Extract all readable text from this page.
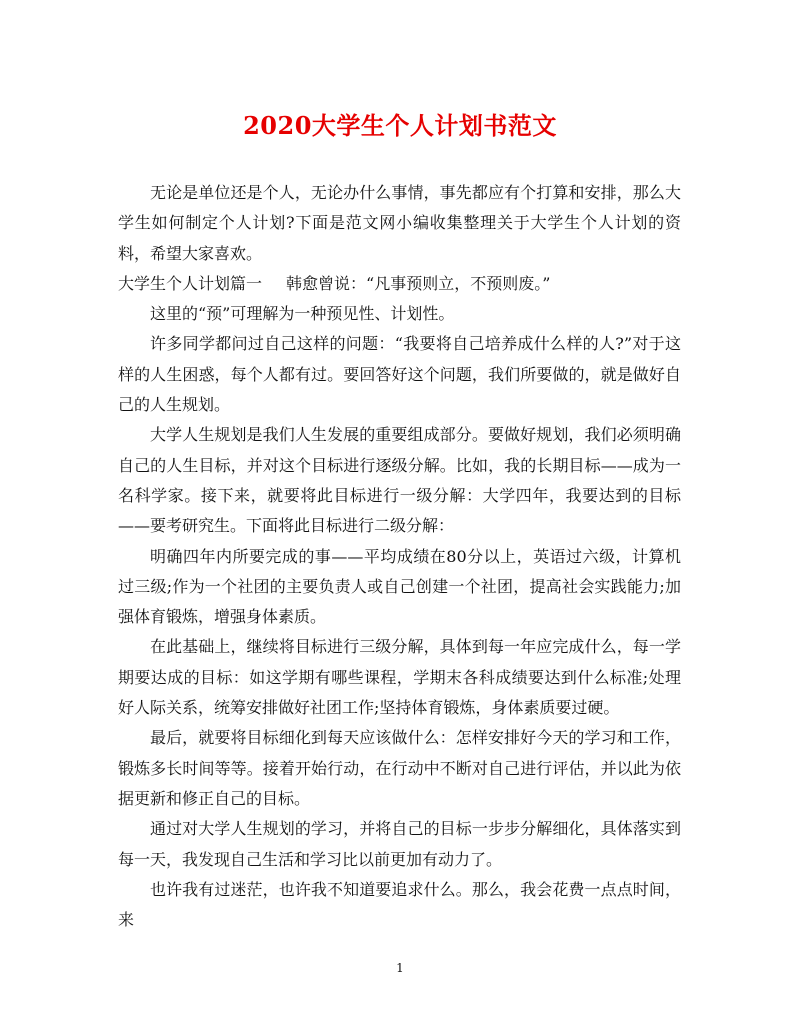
2020大学生个人计划书范文

无论是单位还是个人，无论办什么事情，事先都应有个打算和安排，那么大学生如何制定个人计划?下面是范文网小编收集整理关于大学生个人计划的资料，希望大家喜欢。

大学生个人计划篇一 韩愈曾说：“凡事预则立，不预则废。”

这里的“预”可理解为一种预见性、计划性。

许多同学都问过自己这样的问题：“我要将自己培养成什么样的人?”对于这样的人生困惑，每个人都有过。要回答好这个问题，我们所要做的，就是做好自己的人生规划。

大学人生规划是我们人生发展的重要组成部分。要做好规划，我们必须明确自己的人生目标，并对这个目标进行逐级分解。比如，我的长期目标——成为一名科学家。接下来，就要将此目标进行一级分解：大学四年，我要达到的目标——要考研究生。下面将此目标进行二级分解：

明确四年内所要完成的事——平均成绩在80分以上，英语过六级，计算机过三级;作为一个社团的主要负责人或自己创建一个社团，提高社会实践能力;加强体育锻炼，增强身体素质。

在此基础上，继续将目标进行三级分解，具体到每一年应完成什么，每一学期要达成的目标：如这学期有哪些课程，学期末各科成绩要达到什么标准;处理好人际关系，统筹安排做好社团工作;坚持体育锻炼，身体素质要过硬。

最后，就要将目标细化到每天应该做什么：怎样安排好今天的学习和工作，锻炼多长时间等等。接着开始行动，在行动中不断对自己进行评估，并以此为依据更新和修正自己的目标。

通过对大学人生规划的学习，并将自己的目标一步步分解细化，具体落实到每一天，我发现自己生活和学习比以前更加有动力了。

也许我有过迷茫，也许我不知道要追求什么。那么，我会花费一点点时间，来

1
